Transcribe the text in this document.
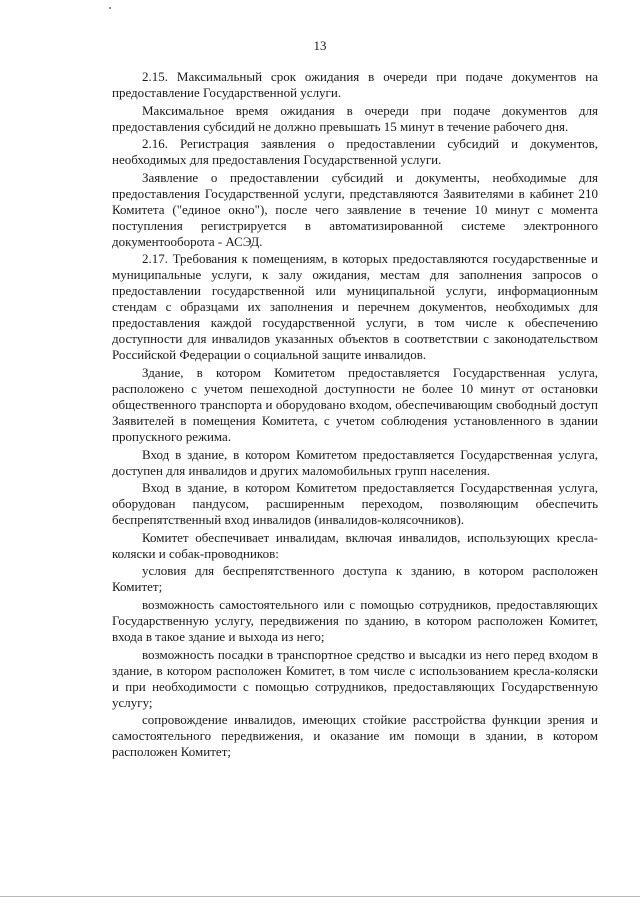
13

2.15. Максимальный срок ожидания в очереди при подаче документов на предоставление Государственной услуги.

Максимальное время ожидания в очереди при подаче документов для предоставления субсидий не должно превышать 15 минут в течение рабочего дня.

2.16. Регистрация заявления о предоставлении субсидий и документов, необходимых для предоставления Государственной услуги.

Заявление о предоставлении субсидий и документы, необходимые для предоставления Государственной услуги, представляются Заявителями в кабинет 210 Комитета ("единое окно"), после чего заявление в течение 10 минут с момента поступления регистрируется в автоматизированной системе электронного документооборота - АСЭД.

2.17. Требования к помещениям, в которых предоставляются государственные и муниципальные услуги, к залу ожидания, местам для заполнения запросов о предоставлении государственной или муниципальной услуги, информационным стендам с образцами их заполнения и перечнем документов, необходимых для предоставления каждой государственной услуги, в том числе к обеспечению доступности для инвалидов указанных объектов в соответствии с законодательством Российской Федерации о социальной защите инвалидов.

Здание, в котором Комитетом предоставляется Государственная услуга, расположено с учетом пешеходной доступности не более 10 минут от остановки общественного транспорта и оборудовано входом, обеспечивающим свободный доступ Заявителей в помещения Комитета, с учетом соблюдения установленного в здании пропускного режима.

Вход в здание, в котором Комитетом предоставляется Государственная услуга, доступен для инвалидов и других маломобильных групп населения.

Вход в здание, в котором Комитетом предоставляется Государственная услуга, оборудован пандусом, расширенным переходом, позволяющим обеспечить беспрепятственный вход инвалидов (инвалидов-колясочников).

Комитет обеспечивает инвалидам, включая инвалидов, использующих кресла-коляски и собак-проводников:

условия для беспрепятственного доступа к зданию, в котором расположен Комитет;

возможность самостоятельного или с помощью сотрудников, предоставляющих Государственную услугу, передвижения по зданию, в котором расположен Комитет, входа в такое здание и выхода из него;

возможность посадки в транспортное средство и высадки из него перед входом в здание, в котором расположен Комитет, в том числе с использованием кресла-коляски и при необходимости с помощью сотрудников, предоставляющих Государственную услугу;

сопровождение инвалидов, имеющих стойкие расстройства функции зрения и самостоятельного передвижения, и оказание им помощи в здании, в котором расположен Комитет;
